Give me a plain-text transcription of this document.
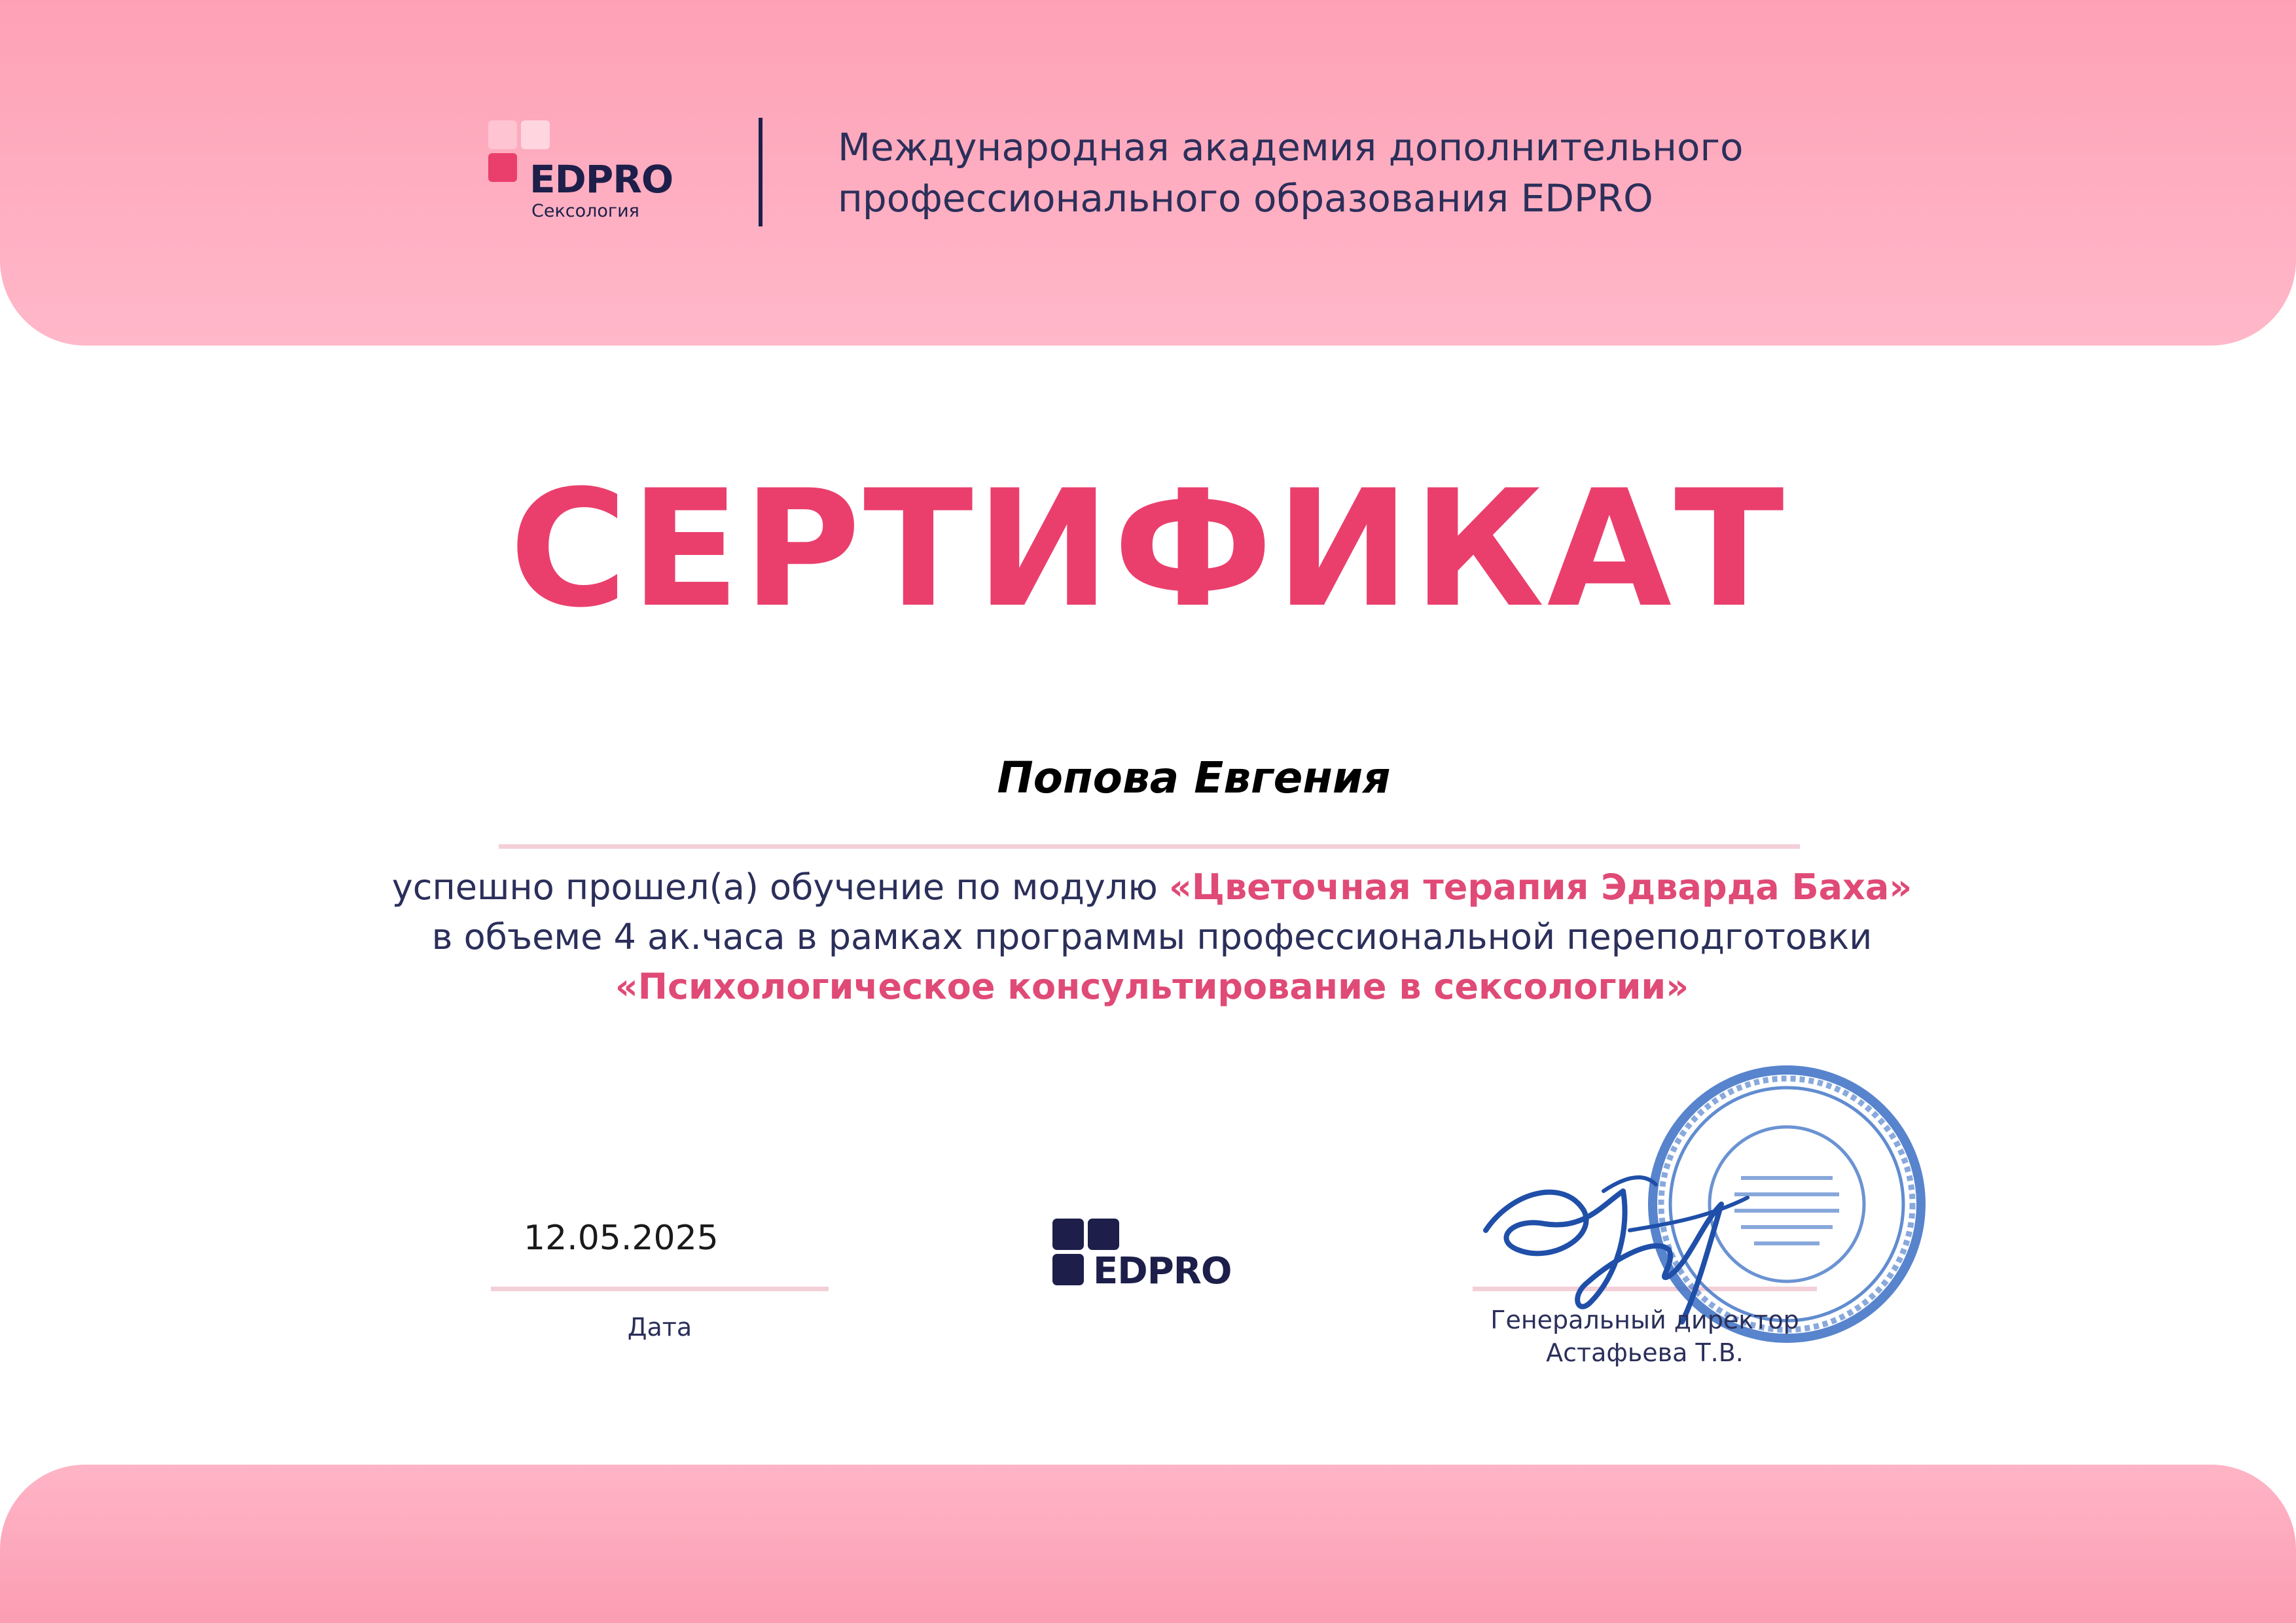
EDPRO
Сексология
Международная академия дополнительного
профессионального образования EDPRO
СЕРТИФИКАТ
Попова Евгения
успешно прошел(а) обучение по модулю «Цветочная терапия Эдварда Баха»
в объеме 4 ак.часа в рамках программы профессиональной переподготовки
«Психологическое консультирование в сексологии»
12.05.2025
Дата
EDPRO
Генеральный директор
Астафьева Т.В.
